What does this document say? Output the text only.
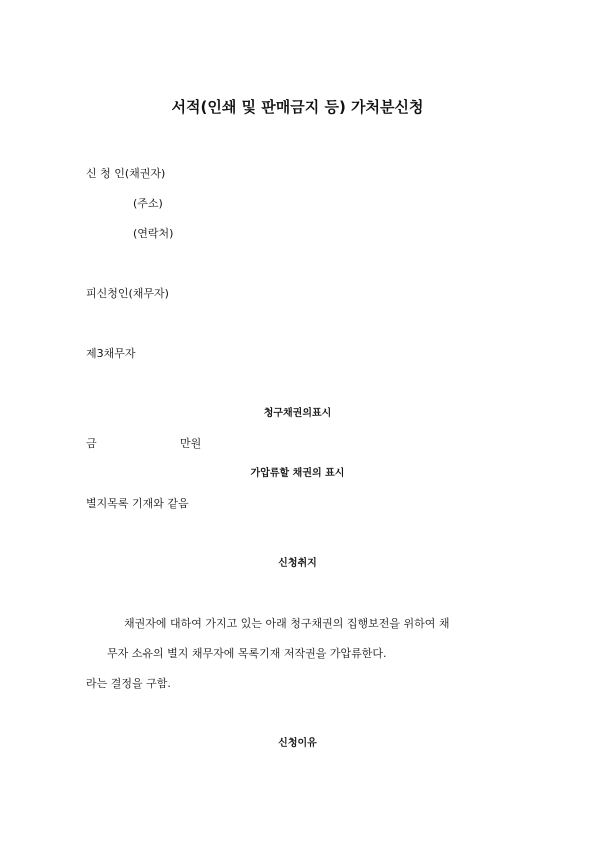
서적(인쇄 및 판매금지 등) 가처분신청
신 청 인(채권자)
(주소)
(연락처)
피신청인(채무자)
제3채무자
청구채권의표시
금	만원
가압류할 채권의 표시
별지목록 기재와 같음
신청취지
채권자에 대하여 가지고 있는 아래 청구채권의 집행보전을 위하여 채
무자 소유의 별지 채무자에 목록기재 저작권을 가압류한다.
라는 결정을 구함.
신청이유
